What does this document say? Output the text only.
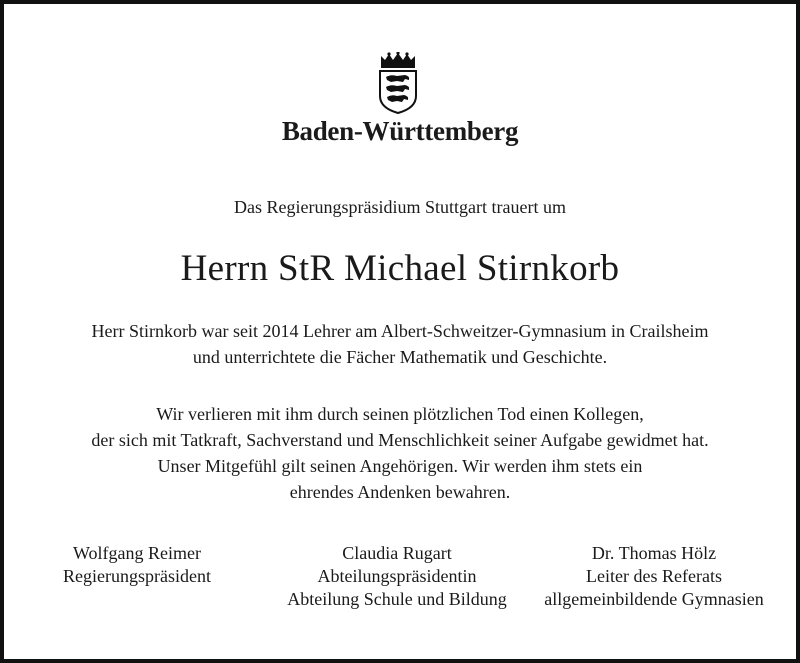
Baden-Württemberg
Das Regierungspräsidium Stuttgart trauert um
Herrn StR Michael Stirnkorb
Herr Stirnkorb war seit 2014 Lehrer am Albert-Schweitzer-Gymnasium in Crailsheim
und unterrichtete die Fächer Mathematik und Geschichte.
Wir verlieren mit ihm durch seinen plötzlichen Tod einen Kollegen,
der sich mit Tatkraft, Sachverstand und Menschlichkeit seiner Aufgabe gewidmet hat.
Unser Mitgefühl gilt seinen Angehörigen. Wir werden ihm stets ein
ehrendes Andenken bewahren.
Wolfgang Reimer
Regierungspräsident
Claudia Rugart
Abteilungspräsidentin
Abteilung Schule und Bildung
Dr. Thomas Hölz
Leiter des Referats
allgemeinbildende Gymnasien
